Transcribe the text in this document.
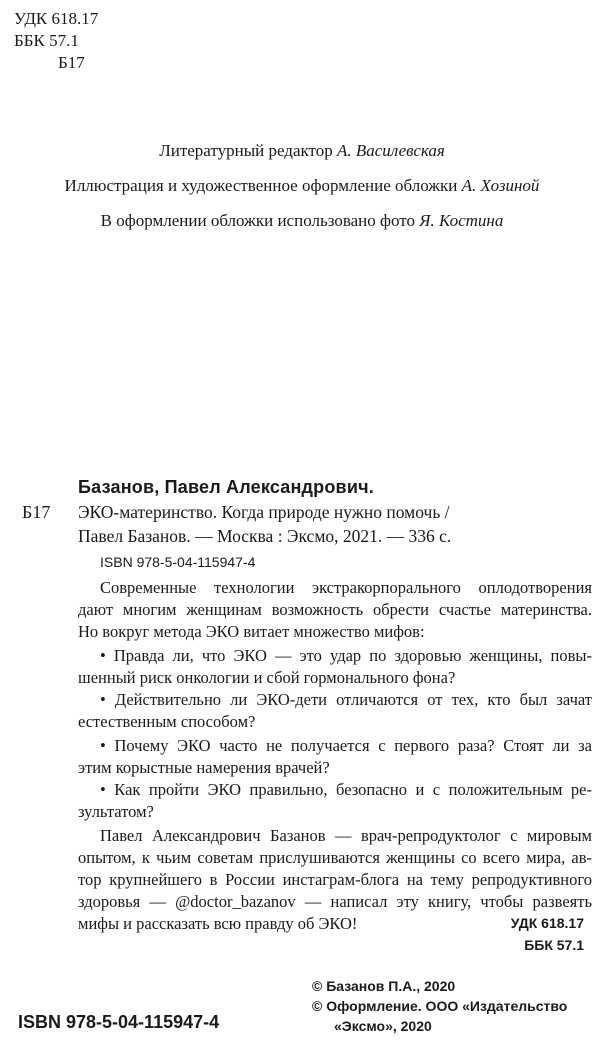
УДК 618.17
ББК 57.1
Б17
Литературный редактор А. Василевская
Иллюстрация и художественное оформление обложки А. Хозиной
В оформлении обложки использовано фото Я. Костина
Б17
Базанов, Павел Александрович.
ЭКО-материнство. Когда природе нужно помочь /
Павел Базанов. — Москва : Эксмо, 2021. — 336 с.
ISBN 978-5-04-115947-4
Современные технологии экстракорпорального оплодотворения
дают многим женщинам возможность обрести счастье материнства.
Но вокруг метода ЭКО витает множество мифов:
• Правда ли, что ЭКО — это удар по здоровью женщины, повы-
шенный риск онкологии и сбой гормонального фона?
• Действительно ли ЭКО-дети отличаются от тех, кто был зачат
естественным способом?
• Почему ЭКО часто не получается с первого раза? Стоят ли за
этим корыстные намерения врачей?
• Как пройти ЭКО правильно, безопасно и с положительным ре-
зультатом?
Павел Александрович Базанов — врач-репродуктолог с мировым
опытом, к чьим советам прислушиваются женщины со всего мира, ав-
тор крупнейшего в России инстаграм-блога на тему репродуктивного
здоровья — @doctor_bazanov — написал эту книгу, чтобы развеять
мифы и рассказать всю правду об ЭКО!	УДК 618.17
ББК 57.1
© Базанов П.А., 2020
© Оформление. ООО «Издательство
«Эксмо», 2020
ISBN 978-5-04-115947-4
